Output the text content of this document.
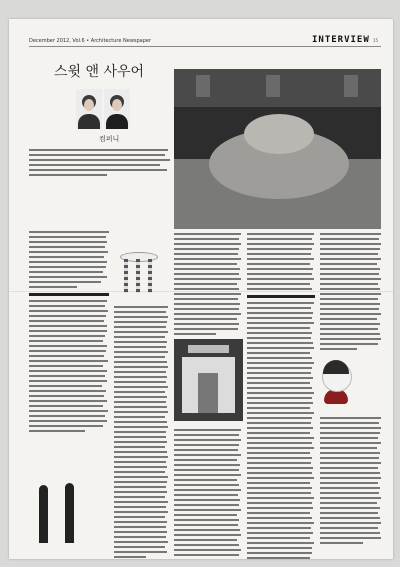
December 2012, Vol.6 • Architecture Newspaper	INTERVIEW 15
스윗 앤 사우어
컴퍼니
